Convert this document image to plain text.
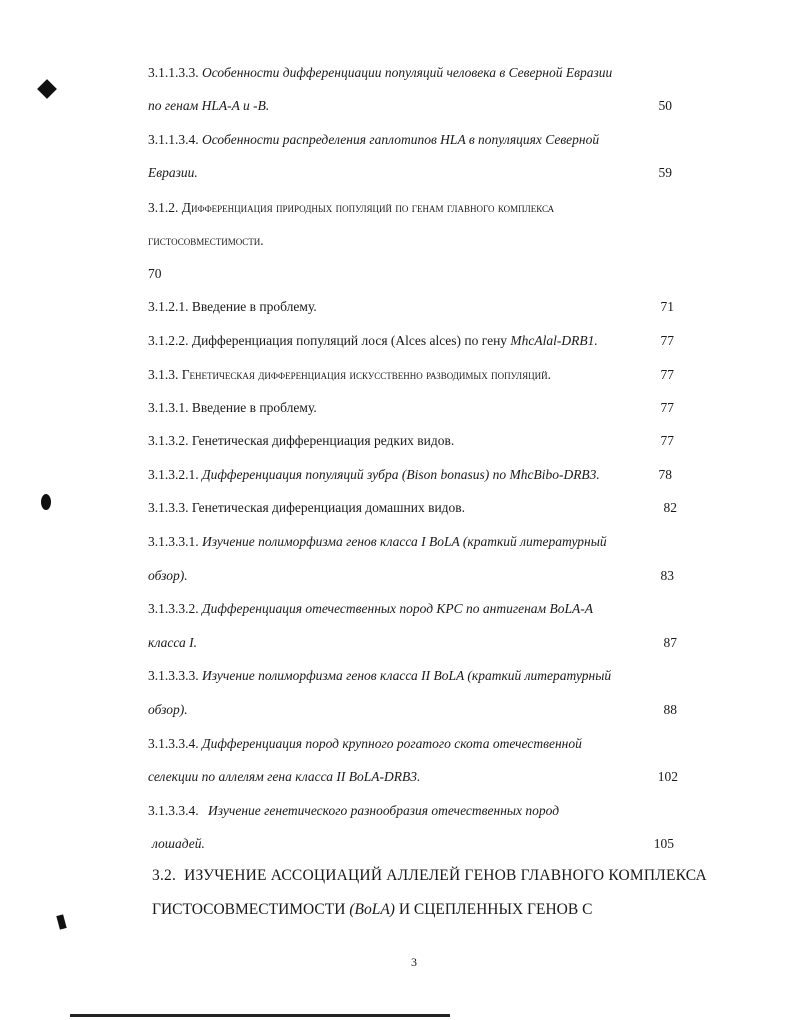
3.1.1.3.3. Особенности дифференциации популяций человека в Северной Евразии
по генам HLA-A и -B.	50
3.1.1.3.4. Особенности распределения гаплотипов HLA в популяциях Северной
Евразии.	59
3.1.2. Дифференциация природных популяций по генам главного комплекса
гистосовместимости.
70
3.1.2.1. Введение в проблему.	71
3.1.2.2. Дифференциация популяций лося (Alces alces) по гену MhcAlal-DRB1.	77
3.1.3. Генетическая дифференциация искусственно разводимых популяций.	77
3.1.3.1. Введение в проблему.	77
3.1.3.2. Генетическая дифференциация редких видов.	77
3.1.3.2.1. Дифференциация популяций зубра (Bison bonasus) по MhcBibo-DRB3.	78
3.1.3.3. Генетическая диференциация домашних видов.	82
3.1.3.3.1. Изучение полиморфизма генов класса I BoLA (краткий литературный
обзор).	83
3.1.3.3.2. Дифференциация отечественных пород КРС по антигенам BoLA-A
класса I.	87
3.1.3.3.3. Изучение полиморфизма генов класса II BoLA (краткий литературный
обзор).	88
3.1.3.3.4. Дифференциация пород крупного рогатого скота отечественной
селекции по аллелям гена класса II BoLA-DRB3.	102
3.1.3.3.4. Изучение генетического разнообразия отечественных пород
лошадей.	105
3.2. ИЗУЧЕНИЕ АССОЦИАЦИЙ АЛЛЕЛЕЙ ГЕНОВ ГЛАВНОГО КОМПЛЕКСА
ГИСТОСОВМЕСТИМОСТИ (BoLA) И СЦЕПЛЕННЫХ ГЕНОВ С
3
